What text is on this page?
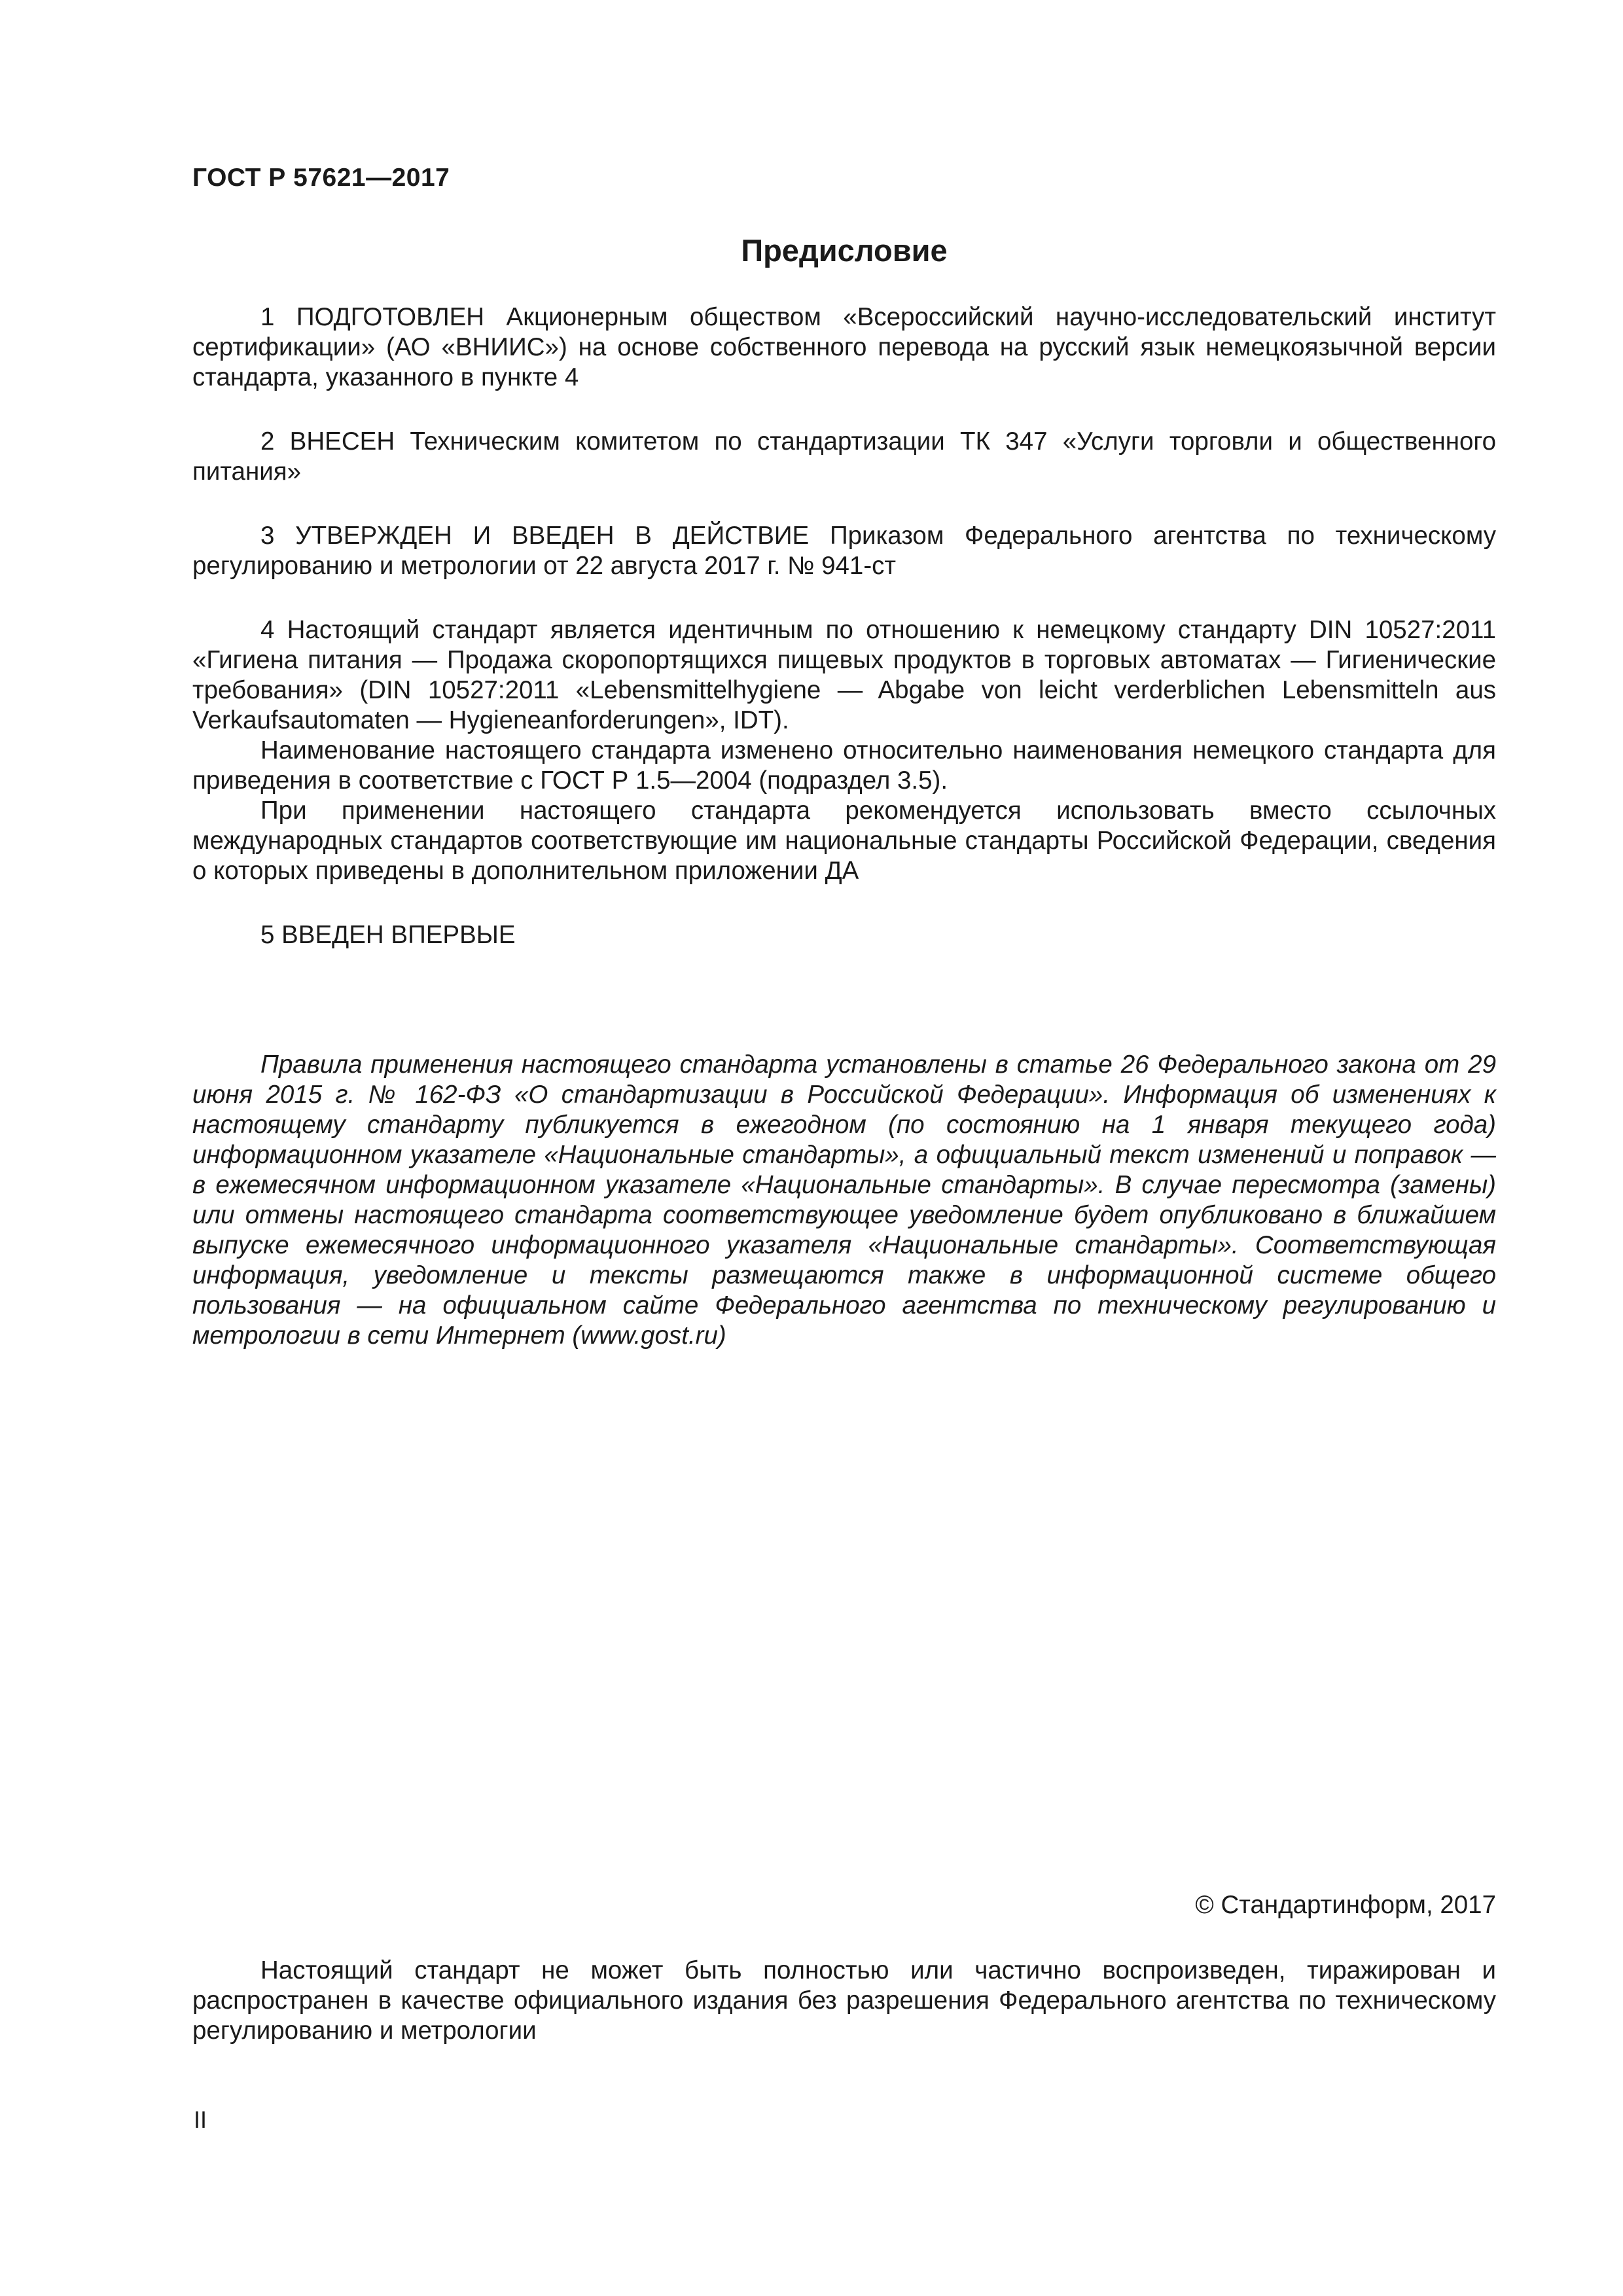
ГОСТ Р 57621—2017
Предисловие

1 ПОДГОТОВЛЕН Акционерным обществом «Всероссийский научно-исследовательский институт сертификации» (АО «ВНИИС») на основе собственного перевода на русский язык немецкоязычной версии стандарта, указанного в пункте 4

2 ВНЕСЕН Техническим комитетом по стандартизации ТК 347 «Услуги торговли и общественного питания»

3 УТВЕРЖДЕН И ВВЕДЕН В ДЕЙСТВИЕ Приказом Федерального агентства по техническому регулированию и метрологии от 22 августа 2017 г. № 941-ст

4 Настоящий стандарт является идентичным по отношению к немецкому стандарту DIN 10527:2011 «Гигиена питания — Продажа скоропортящихся пищевых продуктов в торговых автоматах — Гигиенические требования» (DIN 10527:2011 «Lebensmittelhygiene — Abgabe von leicht verderblichen Lebensmitteln aus Verkaufsautomaten — Hygieneanforderungen», IDT).

Наименование настоящего стандарта изменено относительно наименования немецкого стандарта для приведения в соответствие с ГОСТ Р 1.5—2004 (подраздел 3.5).

При применении настоящего стандарта рекомендуется использовать вместо ссылочных международных стандартов соответствующие им национальные стандарты Российской Федерации, сведения о которых приведены в дополнительном приложении ДА

5 ВВЕДЕН ВПЕРВЫЕ

Правила применения настоящего стандарта установлены в статье 26 Федерального закона от 29 июня 2015 г. № 162-ФЗ «О стандартизации в Российской Федерации». Информация об изменениях к настоящему стандарту публикуется в ежегодном (по состоянию на 1 января текущего года) информационном указателе «Национальные стандарты», а официальный текст изменений и поправок — в ежемесячном информационном указателе «Национальные стандарты». В случае пересмотра (замены) или отмены настоящего стандарта соответствующее уведомление будет опубликовано в ближайшем выпуске ежемесячного информационного указателя «Национальные стандарты». Соответствующая информация, уведомление и тексты размещаются также в информационной системе общего пользования — на официальном сайте Федерального агентства по техническому регулированию и метрологии в сети Интернет (www.gost.ru)

© Стандартинформ, 2017

Настоящий стандарт не может быть полностью или частично воспроизведен, тиражирован и распространен в качестве официального издания без разрешения Федерального агентства по техническому регулированию и метрологии

II
